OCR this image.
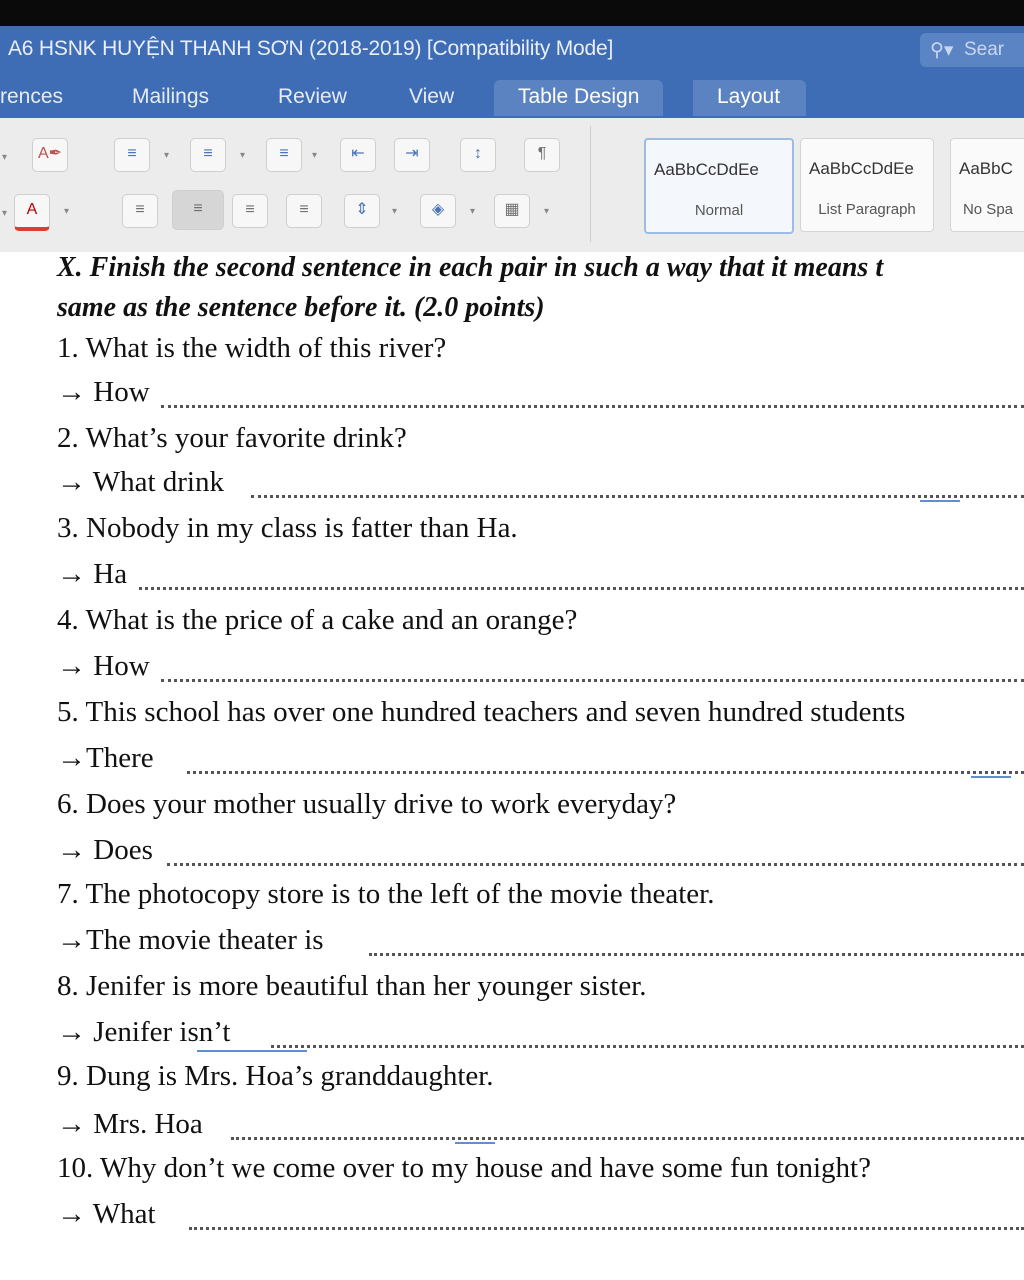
A6 HSNK HUYỆN THANH SƠN (2018-2019) [Compatibility Mode]	⚲▾ Sear
rences	Mailings	Review	View	Table Design	Layout
▾	A✒	≡	▾	≡	▾	≡	▾	⇤	⇥	↕	¶
▾	A	▾	≡	≡	≡	≡	⇕	▾	◈	▾	▦	▾
AaBbCcDdEe
Normal
AaBbCcDdEe
List Paragraph
AaBbC
No Spa
X. Finish the second sentence in each pair in such a way that it means t
same as the sentence before it. (2.0 points)
1. What is the width of this river?
→ How
2. What’s your favorite drink?
→ What drink
3. Nobody in my class is fatter than Ha.
→ Ha
4. What is the price of a cake and an orange?
→ How
5. This school has over one hundred teachers and seven hundred students
→There
6. Does your mother usually drive to work everyday?
→ Does
7. The photocopy store is to the left of the movie theater.
→The movie theater is
8. Jenifer is more beautiful than her younger sister.
→ Jenifer isn’t
9. Dung is Mrs. Hoa’s granddaughter.
→ Mrs. Hoa
10. Why don’t we come over to my house and have some fun tonight?
→ What
